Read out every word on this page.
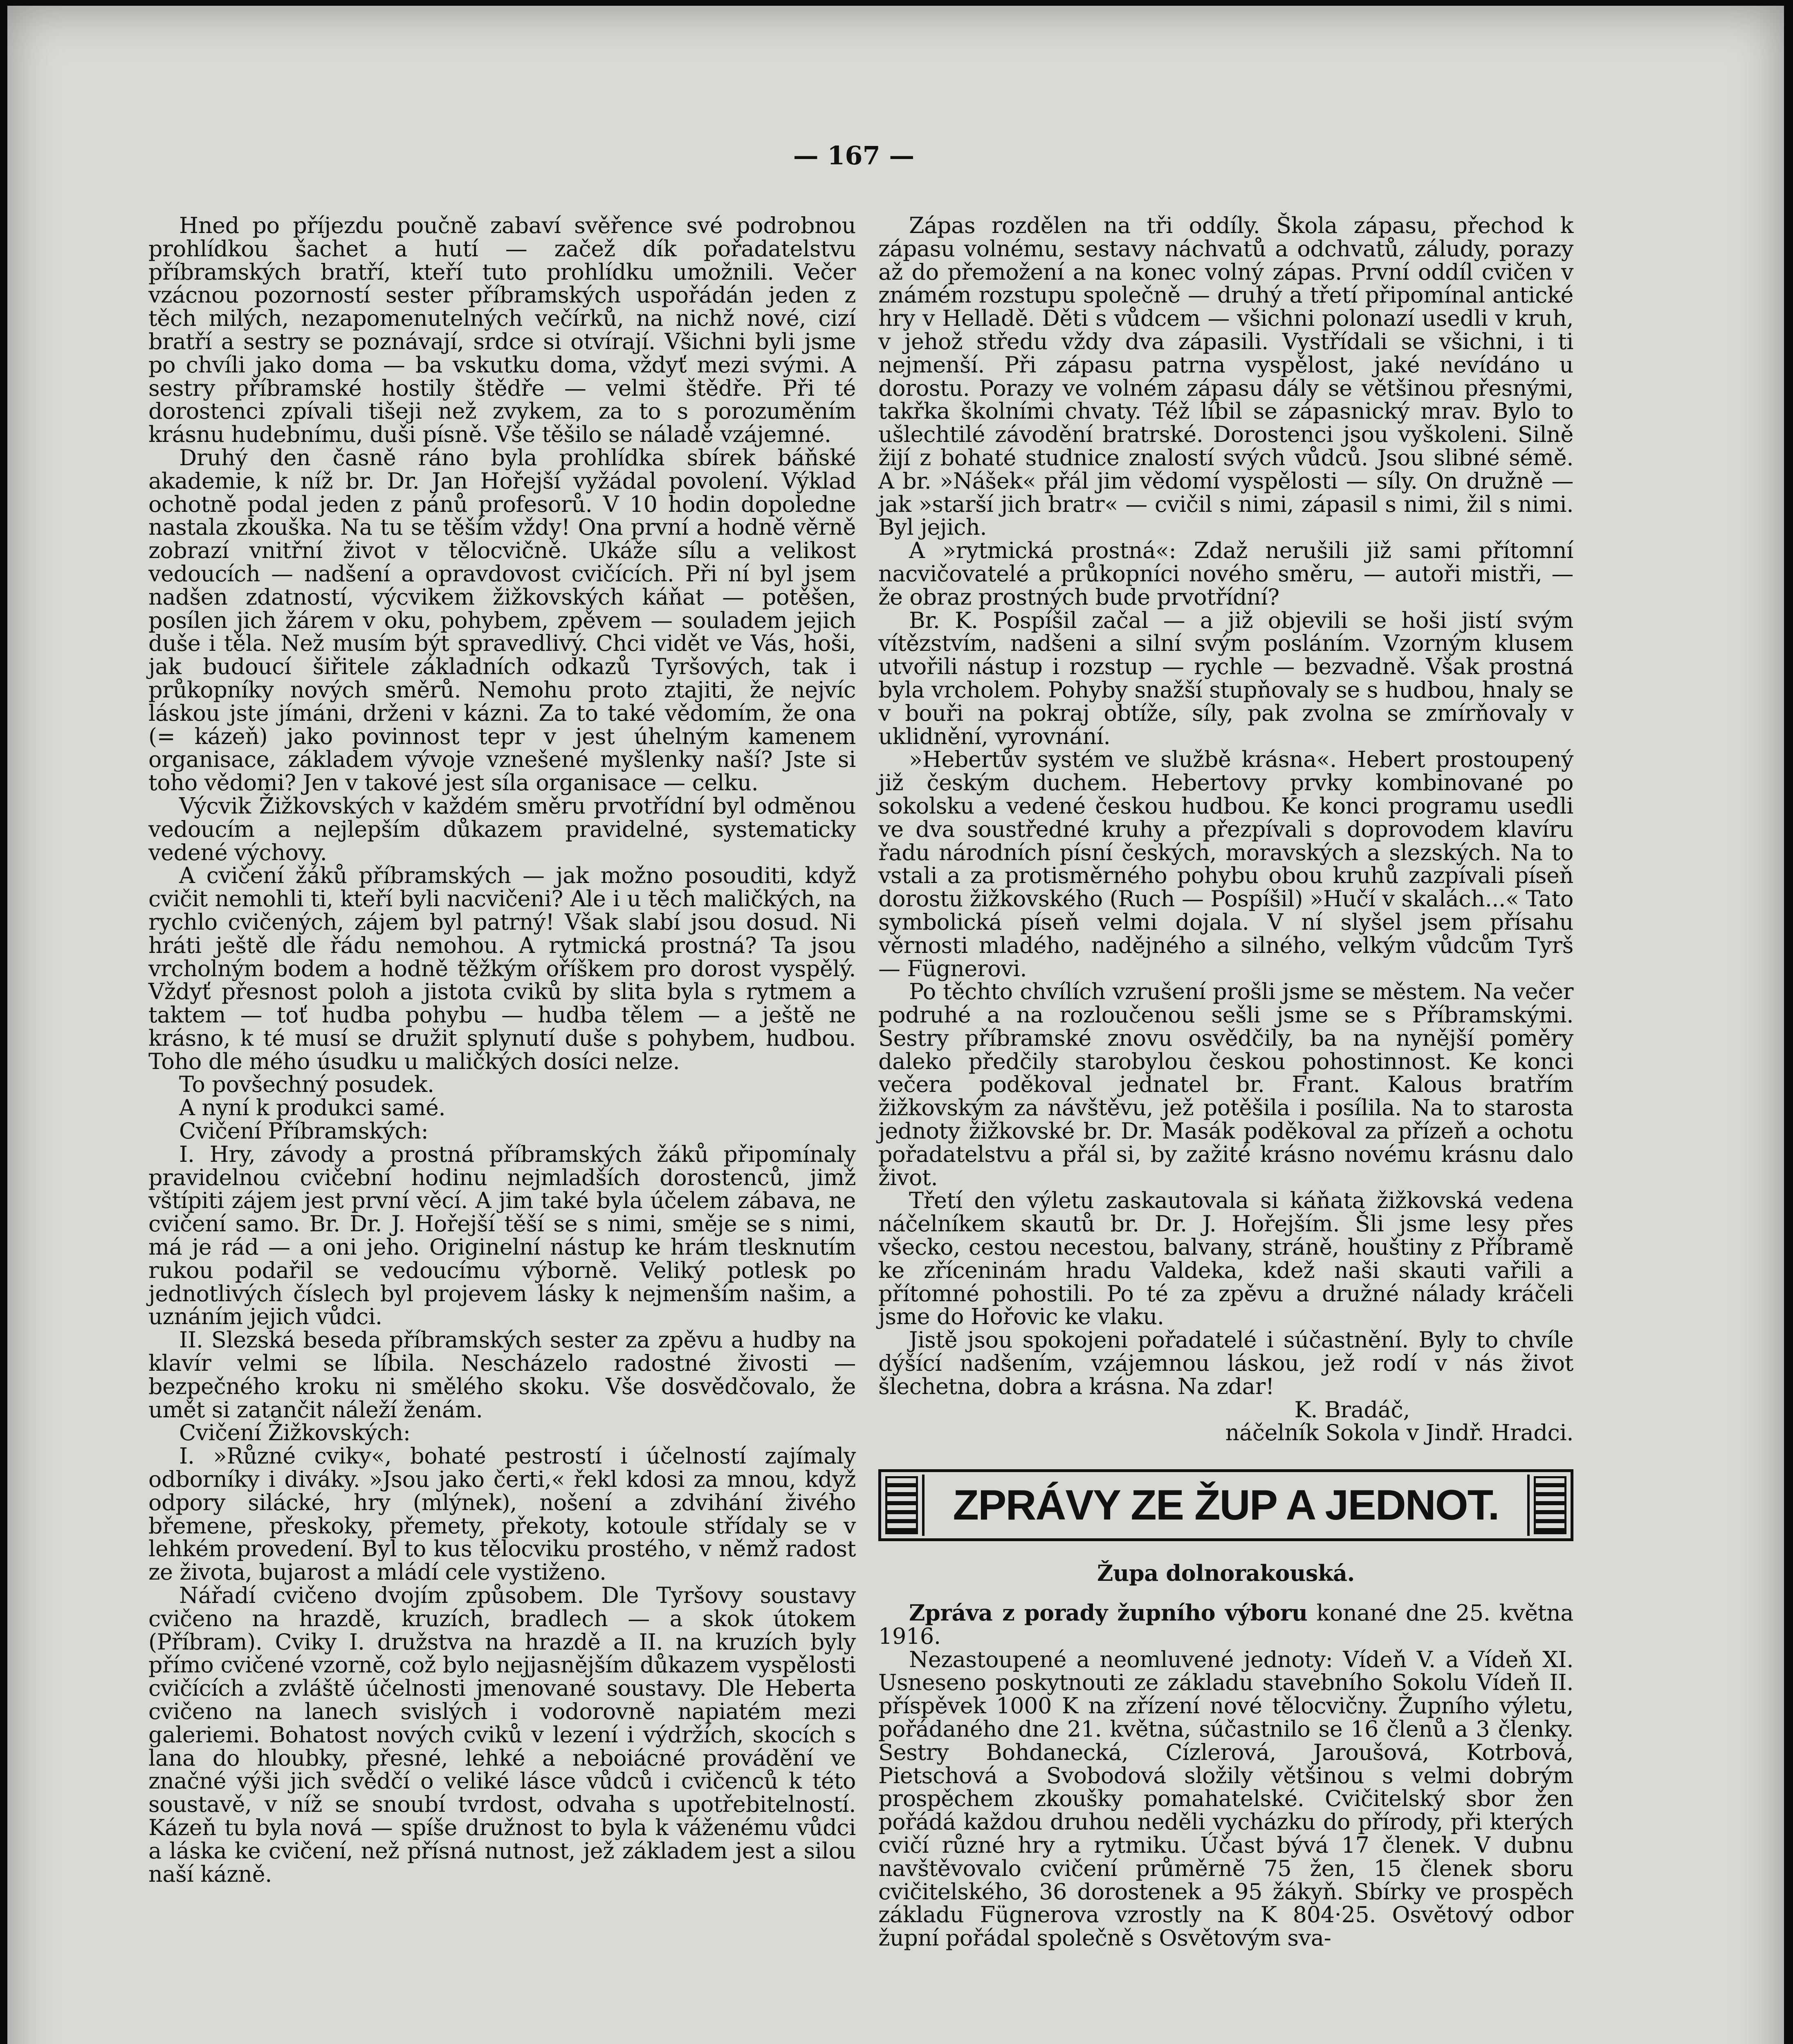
— 167 —

Hned po příjezdu poučně zabaví svěřence své podrobnou prohlídkou šachet a hutí — začež dík pořadatelstvu příbramských bratří, kteří tuto prohlídku umožnili. Večer vzácnou pozorností sester příbramských uspořádán jeden z těch milých, nezapomenutelných večírků, na nichž nové, cizí bratří a sestry se poznávají, srdce si otvírají. Všichni byli jsme po chvíli jako doma — ba vskutku doma, vždyť mezi svými. A sestry příbramské hostily štědře — velmi štědře. Při té dorostenci zpívali tišeji než zvykem, za to s porozuměním krásnu hudebnímu, duši písně. Vše těšilo se náladě vzájemné.

Druhý den časně ráno byla prohlídka sbírek báňské akademie, k níž br. Dr. Jan Hořejší vyžádal povolení. Výklad ochotně podal jeden z pánů profesorů. V 10 hodin dopoledne nastala zkouška. Na tu se těším vždy! Ona první a hodně věrně zobrazí vnitřní život v tělocvičně. Ukáže sílu a velikost vedoucích — nadšení a opravdovost cvičících. Při ní byl jsem nadšen zdatností, výcvikem žižkovských káňat — potěšen, posílen jich žárem v oku, pohybem, zpěvem — souladem jejich duše i těla. Než musím být spravedlivý. Chci vidět ve Vás, hoši, jak budoucí šiřitele základních odkazů Tyršových, tak i průkopníky nových směrů. Nemohu proto ztajiti, že nejvíc láskou jste jímáni, drženi v kázni. Za to také vědomím, že ona (= kázeň) jako povinnost tepr v jest úhelným kamenem organisace, základem vývoje vznešené myšlenky naší? Jste si toho vědomi? Jen v takové jest síla organisace — celku.

Výcvik Žižkovských v každém směru prvotřídní byl odměnou vedoucím a nejlepším důkazem pravidelné, systematicky vedené výchovy.

A cvičení žáků příbramských — jak možno posouditi, když cvičit nemohli ti, kteří byli nacvičeni? Ale i u těch maličkých, na rychlo cvičených, zájem byl patrný! Však slabí jsou dosud. Ni hráti ještě dle řádu nemohou. A rytmická prostná? Ta jsou vrcholným bodem a hodně těžkým oříškem pro dorost vyspělý. Vždyť přesnost poloh a jistota cviků by slita byla s rytmem a taktem — toť hudba pohybu — hudba tělem — a ještě ne krásno, k té musí se družit splynutí duše s pohybem, hudbou. Toho dle mého úsudku u maličkých dosíci nelze.

To povšechný posudek.

A nyní k produkci samé.

Cvičení Příbramských:

I. Hry, závody a prostná příbramských žáků připomínaly pravidelnou cvičební hodinu nejmladších dorostenců, jimž vštípiti zájem jest první věcí. A jim také byla účelem zábava, ne cvičení samo. Br. Dr. J. Hořejší těší se s nimi, směje se s nimi, má je rád — a oni jeho. Originelní nástup ke hrám tlesknutím rukou podařil se vedoucímu výborně. Veliký potlesk po jednotlivých číslech byl projevem lásky k nejmenším našim, a uznáním jejich vůdci.

II. Slezská beseda příbramských sester za zpěvu a hudby na klavír velmi se líbila. Nescházelo radostné živosti — bezpečného kroku ni smělého skoku. Vše dosvědčovalo, že umět si zatančit náleží ženám.

Cvičení Žižkovských:

I. »Různé cviky«, bohaté pestrostí i účelností zajímaly odborníky i diváky. »Jsou jako čerti,« řekl kdosi za mnou, když odpory silácké, hry (mlýnek), nošení a zdvihání živého břemene, přeskoky, přemety, překoty, kotoule střídaly se v lehkém provedení. Byl to kus tělocviku prostého, v němž radost ze života, bujarost a mládí cele vystiženo.

Nářadí cvičeno dvojím způsobem. Dle Tyršovy soustavy cvičeno na hrazdě, kruzích, bradlech — a skok útokem (Příbram). Cviky I. družstva na hrazdě a II. na kruzích byly přímo cvičené vzorně, což bylo nejjasnějším důkazem vyspělosti cvičících a zvláště účelnosti jmenované soustavy. Dle Heberta cvičeno na lanech svislých i vodorovně napiatém mezi galeriemi. Bohatost nových cviků v lezení i výdržích, skocích s lana do hloubky, přesné, lehké a neboiácné provádění ve značné výši jich svědčí o veliké lásce vůdců i cvičenců k této soustavě, v níž se snoubí tvrdost, odvaha s upotřebitelností. Kázeň tu byla nová — spíše družnost to byla k váženému vůdci a láska ke cvičení, než přísná nutnost, jež základem jest a silou naší kázně.

Zápas rozdělen na tři oddíly. Škola zápasu, přechod k zápasu volnému, sestavy náchvatů a odchvatů, záludy, porazy až do přemožení a na konec volný zápas. První oddíl cvičen v známém rozstupu společně — druhý a třetí připomínal antické hry v Helladě. Děti s vůdcem — všichni polonazí usedli v kruh, v jehož středu vždy dva zápasili. Vystřídali se všichni, i ti nejmenší. Při zápasu patrna vyspělost, jaké nevídáno u dorostu. Porazy ve volném zápasu dály se většinou přesnými, takřka školními chvaty. Též líbil se zápasnický mrav. Bylo to ušlechtilé závodění bratrské. Dorostenci jsou vyškoleni. Silně žijí z bohaté studnice znalostí svých vůdců. Jsou slibné sémě. A br. »Nášek« přál jim vědomí vyspělosti — síly. On družně — jak »starší jich bratr« — cvičil s nimi, zápasil s nimi, žil s nimi. Byl jejich.

A »rytmická prostná«: Zdaž nerušili již sami přítomní nacvičovatelé a průkopníci nového směru, — autoři mistři, — že obraz prostných bude prvotřídní?

Br. K. Pospíšil začal — a již objevili se hoši jistí svým vítězstvím, nadšeni a silní svým posláním. Vzorným klusem utvořili nástup i rozstup — rychle — bezvadně. Však prostná byla vrcholem. Pohyby snažší stupňovaly se s hudbou, hnaly se v bouři na pokraj obtíže, síly, pak zvolna se zmírňovaly v uklidnění, vyrovnání.

»Hebertův systém ve službě krásna«. Hebert prostoupený již českým duchem. Hebertovy prvky kombinované po sokolsku a vedené českou hudbou. Ke konci programu usedli ve dva soustředné kruhy a přezpívali s doprovodem klavíru řadu národních písní českých, moravských a slezských. Na to vstali a za protisměrného pohybu obou kruhů zazpívali píseň dorostu žižkovského (Ruch — Pospíšil) »Hučí v skalách...« Tato symbolická píseň velmi dojala. V ní slyšel jsem přísahu věrnosti mladého, nadějného a silného, velkým vůdcům Tyrš — Fügnerovi.

Po těchto chvílích vzrušení prošli jsme se městem. Na večer podruhé a na rozloučenou sešli jsme se s Příbramskými. Sestry příbramské znovu osvědčily, ba na nynější poměry daleko předčily starobylou českou pohostinnost. Ke konci večera poděkoval jednatel br. Frant. Kalous bratřím žižkovským za návštěvu, jež potěšila i posílila. Na to starosta jednoty žižkovské br. Dr. Masák poděkoval za přízeň a ochotu pořadatelstvu a přál si, by zažité krásno novému krásnu dalo život.

Třetí den výletu zaskautovala si káňata žižkovská vedena náčelníkem skautů br. Dr. J. Hořejším. Šli jsme lesy přes všecko, cestou necestou, balvany, stráně, houštiny z Příbramě ke zříceninám hradu Valdeka, kdež naši skauti vařili a přítomné pohostili. Po té za zpěvu a družné nálady kráčeli jsme do Hořovic ke vlaku.

Jistě jsou spokojeni pořadatelé i súčastnění. Byly to chvíle dýšící nadšením, vzájemnou láskou, jež rodí v nás život šlechetna, dobra a krásna. Na zdar!

K. Bradáč,

náčelník Sokola v Jindř. Hradci.

ZPRÁVY ZE ŽUP A JEDNOT.

Župa dolnorakouská.

Zpráva z porady župního výboru konané dne 25. května 1916.

Nezastoupené a neomluvené jednoty: Vídeň V. a Vídeň XI. Usneseno poskytnouti ze základu stavebního Sokolu Vídeň II. příspěvek 1000 K na zřízení nové tělocvičny. Župního výletu, pořádaného dne 21. května, súčastnilo se 16 členů a 3 členky. Sestry Bohdanecká, Cízlerová, Jaroušová, Kotrbová, Pietschová a Svobodová složily většinou s velmi dobrým prospěchem zkoušky pomahatelské. Cvičitelský sbor žen pořádá každou druhou neděli vycházku do přírody, při kterých cvičí různé hry a rytmiku. Účast bývá 17 členek. V dubnu navštěvovalo cvičení průměrně 75 žen, 15 členek sboru cvičitelského, 36 dorostenek a 95 žákyň. Sbírky ve prospěch základu Fügnerova vzrostly na K 804·25. Osvětový odbor župní pořádal společně s Osvětovým sva-
